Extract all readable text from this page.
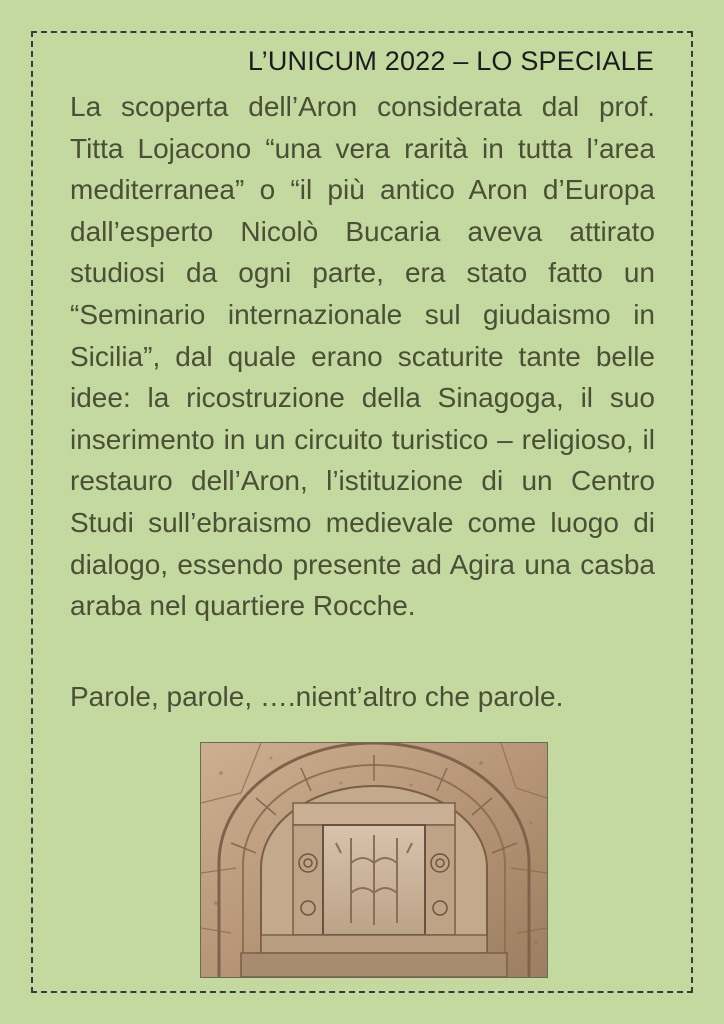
L’UNICUM 2022 – LO SPECIALE

La scoperta dell’Aron considerata dal prof. Titta Lojacono “una vera rarità in tutta l’area mediterranea” o “il più antico Aron d’Europa dall’esperto Nicolò Bucaria aveva attirato studiosi da ogni parte, era stato fatto un “Seminario internazionale sul giudaismo in Sicilia”, dal quale erano scaturite tante belle idee: la ricostruzione della Sinagoga, il suo inserimento in un circuito turistico – religioso, il restauro dell’Aron, l’istituzione di un Centro Studi sull’ebraismo medievale come luogo di dialogo, essendo presente ad Agira una casba araba nel quartiere Rocche.

Parole, parole, ….nient’altro che parole.
